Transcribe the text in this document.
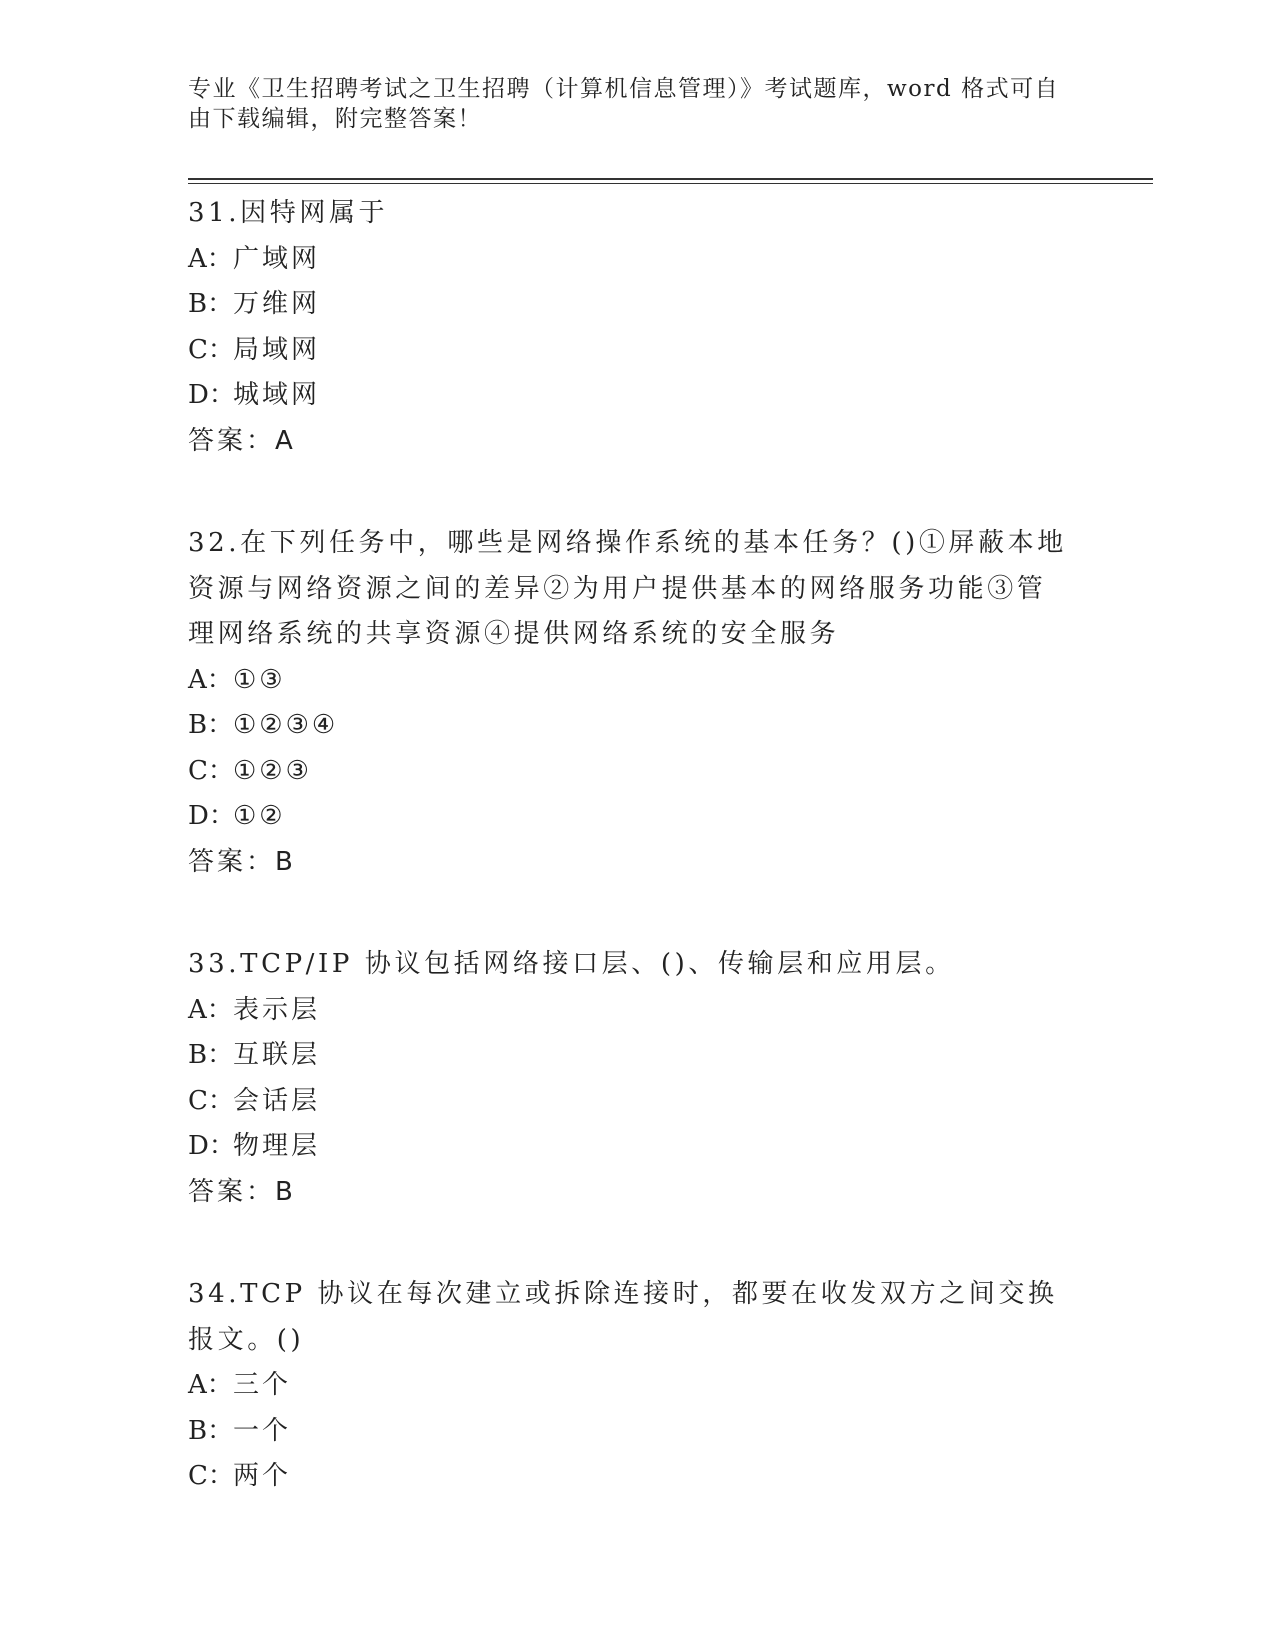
专业《卫生招聘考试之卫生招聘（计算机信息管理）》考试题库，word 格式可自
由下载编辑，附完整答案！
31.因特网属于
A：广域网
B：万维网
C：局域网
D：城域网
答案：A
32.在下列任务中，哪些是网络操作系统的基本任务？()①屏蔽本地资源与网络资源之间的差异②为用户提供基本的网络服务功能③管理网络系统的共享资源④提供网络系统的安全服务
A：①③
B：①②③④
C：①②③
D：①②
答案：B
33.TCP/IP 协议包括网络接口层、()、传输层和应用层。
A：表示层
B：互联层
C：会话层
D：物理层
答案：B
34.TCP 协议在每次建立或拆除连接时，都要在收发双方之间交换报文。()
A：三个
B：一个
C：两个
